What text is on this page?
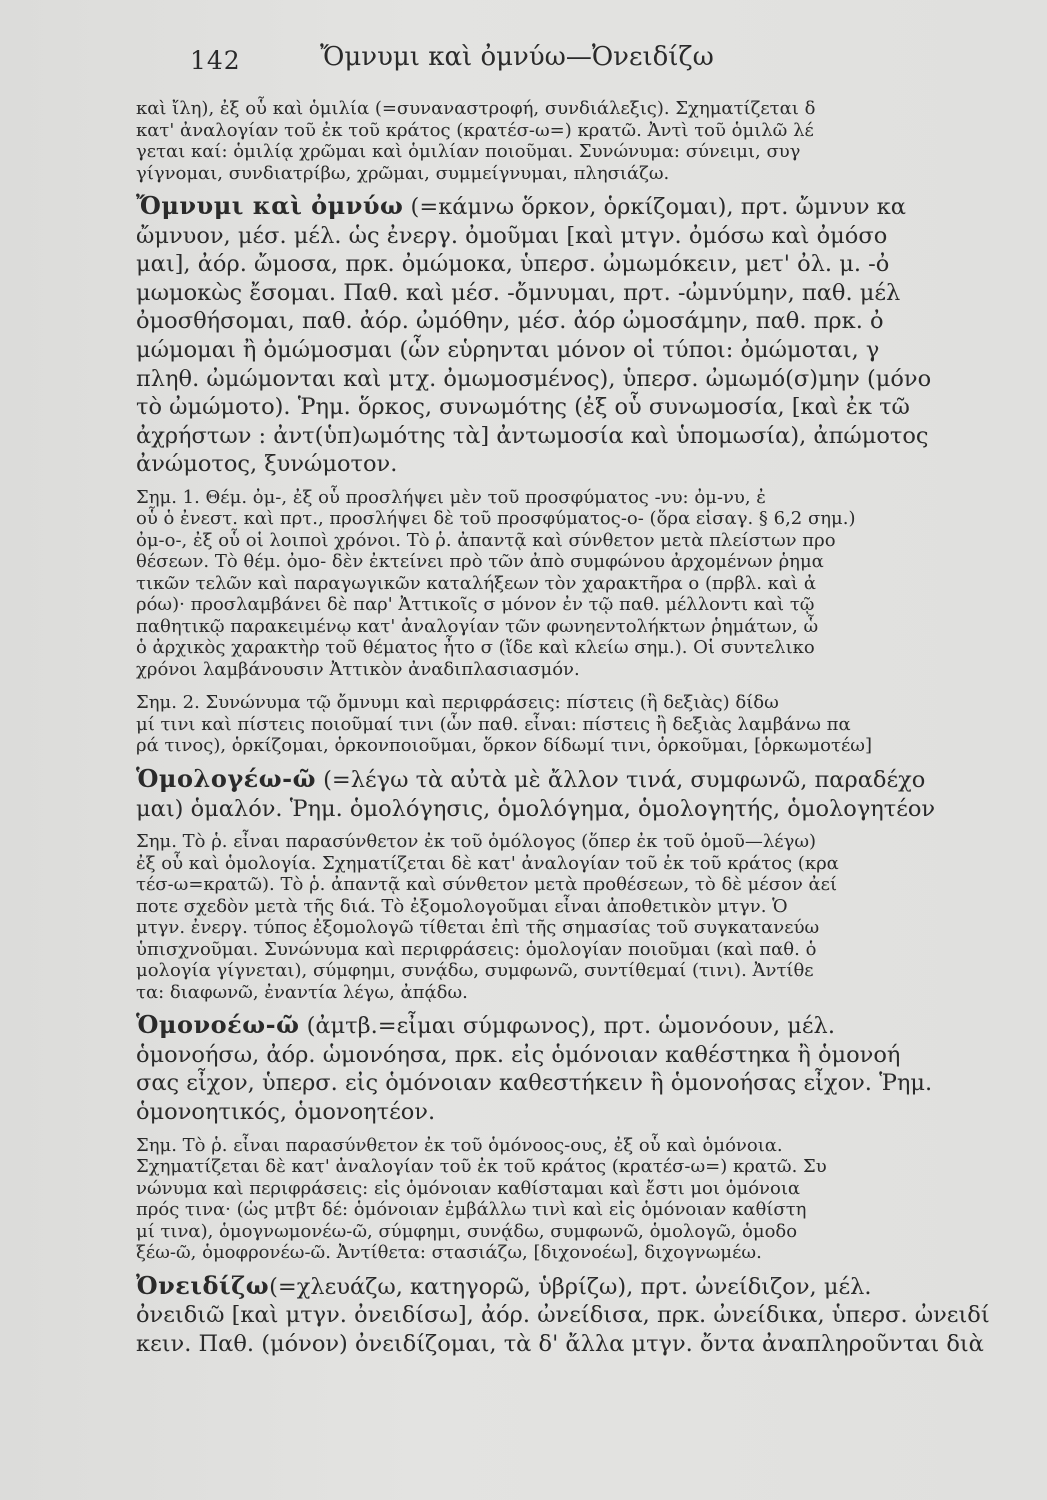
142	Ὄμνυμι καὶ ὀμνύω—Ὀνειδίζω

καὶ ἴλη), ἐξ οὗ καὶ ὁμιλία (=συναναστροφή, συνδιάλεξις). Σχηματίζεται δ

κατ' ἀναλογίαν τοῦ ἐκ τοῦ κράτος (κρατέσ-ω=) κρατῶ. Ἀντὶ τοῦ ὁμιλῶ λέ

γεται καί: ὁμιλίᾳ χρῶμαι καὶ ὁμιλίαν ποιοῦμαι. Συνώνυμα: σύνειμι, συγ

γίγνομαι, συνδιατρίβω, χρῶμαι, συμμείγνυμαι, πλησιάζω.

Ὄμνυμι καὶ ὀμνύω (=κάμνω ὅρκον, ὁρκίζομαι), πρτ. ὤμνυν κα

ὤμνυον, μέσ. μέλ. ὡς ἐνεργ. ὀμοῦμαι [καὶ μτγν. ὀμόσω καὶ ὀμόσο

μαι], ἀόρ. ὤμοσα, πρκ. ὀμώμοκα, ὑπερσ. ὠμωμόκειν, μετ' ὀλ. μ. -ὀ

μωμοκὼς ἔσομαι. Παθ. καὶ μέσ. -ὄμνυμαι, πρτ. -ὠμνύμην, παθ. μέλ

ὀμοσθήσομαι, παθ. ἀόρ. ὠμόθην, μέσ. ἀόρ ὠμοσάμην, παθ. πρκ. ὀ

μώμομαι ἢ ὀμώμοσμαι (ὧν εὑρηνται μόνον οἱ τύποι: ὀμώμοται, γ

πληθ. ὠμώμονται καὶ μτχ. ὀμωμοσμένος), ὑπερσ. ὠμωμό(σ)μην (μόνο

τὸ ὠμώμοτο). Ῥημ. ὅρκος, συνωμότης (ἐξ οὗ συνωμοσία, [καὶ ἐκ τῶ

ἀχρήστων : ἀντ(ὑπ)ωμότης τὰ] ἀντωμοσία καὶ ὑπομωσία), ἀπώμοτος

ἀνώμοτος, ξυνώμοτον.

Σημ. 1. Θέμ. ὀμ-, ἐξ οὗ προσλήψει μὲν τοῦ προσφύματος -νυ: ὀμ-νυ, ἐ

οὗ ὁ ἐνεστ. καὶ πρτ., προσλήψει δὲ τοῦ προσφύματος-ο- (ὅρα εἰσαγ. § 6,2 σημ.)

ὀμ-ο-, ἐξ οὗ οἱ λοιποὶ χρόνοι. Τὸ ῥ. ἀπαντᾷ καὶ σύνθετον μετὰ πλείστων προ

θέσεων. Τὸ θέμ. ὀμο- δὲν ἐκτείνει πρὸ τῶν ἀπὸ συμφώνου ἀρχομένων ῥημα

τικῶν τελῶν καὶ παραγωγικῶν καταλήξεων τὸν χαρακτῆρα ο (πρβλ. καὶ ἀ

ρόω)· προσλαμβάνει δὲ παρ' Ἀττικοῖς σ μόνον ἐν τῷ παθ. μέλλοντι καὶ τῷ

παθητικῷ παρακειμένῳ κατ' ἀναλογίαν τῶν φωνηεντολήκτων ῥημάτων, ὧ

ὁ ἀρχικὸς χαρακτὴρ τοῦ θέματος ἦτο σ (ἴδε καὶ κλείω σημ.). Οἱ συντελικο

χρόνοι λαμβάνουσιν Ἀττικὸν ἀναδιπλασιασμόν.

Σημ. 2. Συνώνυμα τῷ ὄμνυμι καὶ περιφράσεις: πίστεις (ἢ δεξιὰς) δίδω

μί τινι καὶ πίστεις ποιοῦμαί τινι (ὧν παθ. εἶναι: πίστεις ἢ δεξιὰς λαμβάνω πα

ρά τινος), ὁρκίζομαι, ὁρκονποιοῦμαι, ὅρκον δίδωμί τινι, ὁρκοῦμαι, [ὁρκωμοτέω]

Ὁμολογέω-ῶ (=λέγω τὰ αὐτὰ μὲ ἄλλον τινά, συμφωνῶ, παραδέχο

μαι) ὁμαλόν. Ῥημ. ὁμολόγησις, ὁμολόγημα, ὁμολογητής, ὁμολογητέον

Σημ. Τὸ ῥ. εἶναι παρασύνθετον ἐκ τοῦ ὁμόλογος (ὅπερ ἐκ τοῦ ὁμοῦ—λέγω)

ἐξ οὗ καὶ ὁμολογία. Σχηματίζεται δὲ κατ' ἀναλογίαν τοῦ ἐκ τοῦ κράτος (κρα

τέσ-ω=κρατῶ). Τὸ ῥ. ἀπαντᾷ καὶ σύνθετον μετὰ προθέσεων, τὸ δὲ μέσον ἀεί

ποτε σχεδὸν μετὰ τῆς διά. Τὸ ἐξομολογοῦμαι εἶναι ἀποθετικὸν μτγν. Ὁ

μτγν. ἐνεργ. τύπος ἐξομολογῶ τίθεται ἐπὶ τῆς σημασίας τοῦ συγκατανεύω

ὑπισχνοῦμαι. Συνώνυμα καὶ περιφράσεις: ὁμολογίαν ποιοῦμαι (καὶ παθ. ὁ

μολογία γίγνεται), σύμφημι, συνᾴδω, συμφωνῶ, συντίθεμαί (τινι). Ἀντίθε

τα: διαφωνῶ, ἐναντία λέγω, ἀπᾴδω.

Ὁμονοέω-ῶ (ἀμτβ.=εἶμαι σύμφωνος), πρτ. ὡμονόουν, μέλ.

ὁμονοήσω, ἀόρ. ὡμονόησα, πρκ. εἰς ὁμόνοιαν καθέστηκα ἢ ὁμονοή

σας εἶχον, ὑπερσ. εἰς ὁμόνοιαν καθεστήκειν ἢ ὁμονοήσας εἶχον. Ῥημ.

ὁμονοητικός, ὁμονοητέον.

Σημ. Τὸ ῥ. εἶναι παρασύνθετον ἐκ τοῦ ὁμόνοος-ους, ἐξ οὗ καὶ ὁμόνοια.

Σχηματίζεται δὲ κατ' ἀναλογίαν τοῦ ἐκ τοῦ κράτος (κρατέσ-ω=) κρατῶ. Συ

νώνυμα καὶ περιφράσεις: εἰς ὁμόνοιαν καθίσταμαι καὶ ἔστι μοι ὁμόνοια

πρός τινα· (ὡς μτβτ δέ: ὁμόνοιαν ἐμβάλλω τινὶ καὶ εἰς ὁμόνοιαν καθίστη

μί τινα), ὁμογνωμονέω-ῶ, σύμφημι, συνᾴδω, συμφωνῶ, ὁμολογῶ, ὁμοδο

ξέω-ῶ, ὁμοφρονέω-ῶ. Ἀντίθετα: στασιάζω, [διχονοέω], διχογνωμέω.

Ὀνειδίζω(=χλευάζω, κατηγορῶ, ὑβρίζω), πρτ. ὠνείδιζον, μέλ.

ὀνειδιῶ [καὶ μτγν. ὀνειδίσω], ἀόρ. ὠνείδισα, πρκ. ὠνείδικα, ὑπερσ. ὠνειδί

κειν. Παθ. (μόνον) ὀνειδίζομαι, τὰ δ' ἄλλα μτγν. ὄντα ἀναπληροῦνται διὰ
